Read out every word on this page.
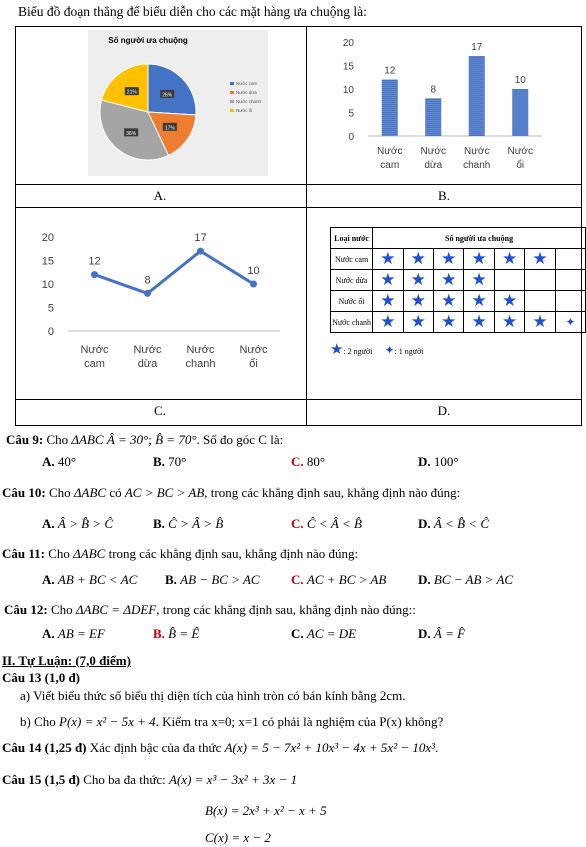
Biểu đồ đoạn thẳng để biểu diễn cho các mặt hàng ưa chuộng là:
Số người ưa chuộng
26%
17%
36%
21%
Nước cam
Nước dừa
Nước chanh
Nước ổi
A.
0
5
10
15
20
Nước cam
Nước dừa
Nước chanh
Nước ổi
12
8
17
10
B.
0
5
10
15
20
Nước cam
Nước dừa
Nước chanh
Nước ổi
12
8
17
10
C.
Loại nước	Số người ưa chuộng						
Nước cam	★	★	★	★	★	★	
Nước dừa	★	★	★	★			
Nước ổi	★	★	★	★	★		
Nước chanh	★	★	★	★	★	★	✦
★: 2 người ✦: 1 người
D.
Câu 9: Cho ΔABC Â = 30°; B̂ = 70°. Số đo góc C là:
A. 40°	B. 70°	C. 80°	D. 100°
Câu 10: Cho ΔABC có AC > BC > AB, trong các khẳng định sau, khẳng định nào đúng:
A. Â > B̂ > Ĉ	B. Ĉ > Â > B̂	C. Ĉ < Â < B̂	D. Â < B̂ < Ĉ
Câu 11: Cho ΔABC trong các khẳng định sau, khẳng định nào đúng:
A. AB + BC < AC B. AB − BC > AC C. AC + BC > AB D. BC − AB > AC
Câu 12: Cho ΔABC = ΔDEF, trong các khẳng định sau, khẳng định nào đúng::
A. AB = EF	B. B̂ = Ê	C. AC = DE	D. Â = F̂
II. Tự Luận: (7,0 điểm)
Câu 13 (1,0 đ)
a) Viết biểu thức số biểu thị diện tích của hình tròn có bán kính bằng 2cm.
b) Cho P(x) = x² − 5x + 4. Kiểm tra x=0; x=1 có phải là nghiệm của P(x) không?
Câu 14 (1,25 đ) Xác định bậc của đa thức A(x) = 5 − 7x² + 10x³ − 4x + 5x² − 10x³.
Câu 15 (1,5 đ) Cho ba đa thức: A(x) = x³ − 3x² + 3x − 1
B(x) = 2x³ + x² − x + 5
C(x) = x − 2
